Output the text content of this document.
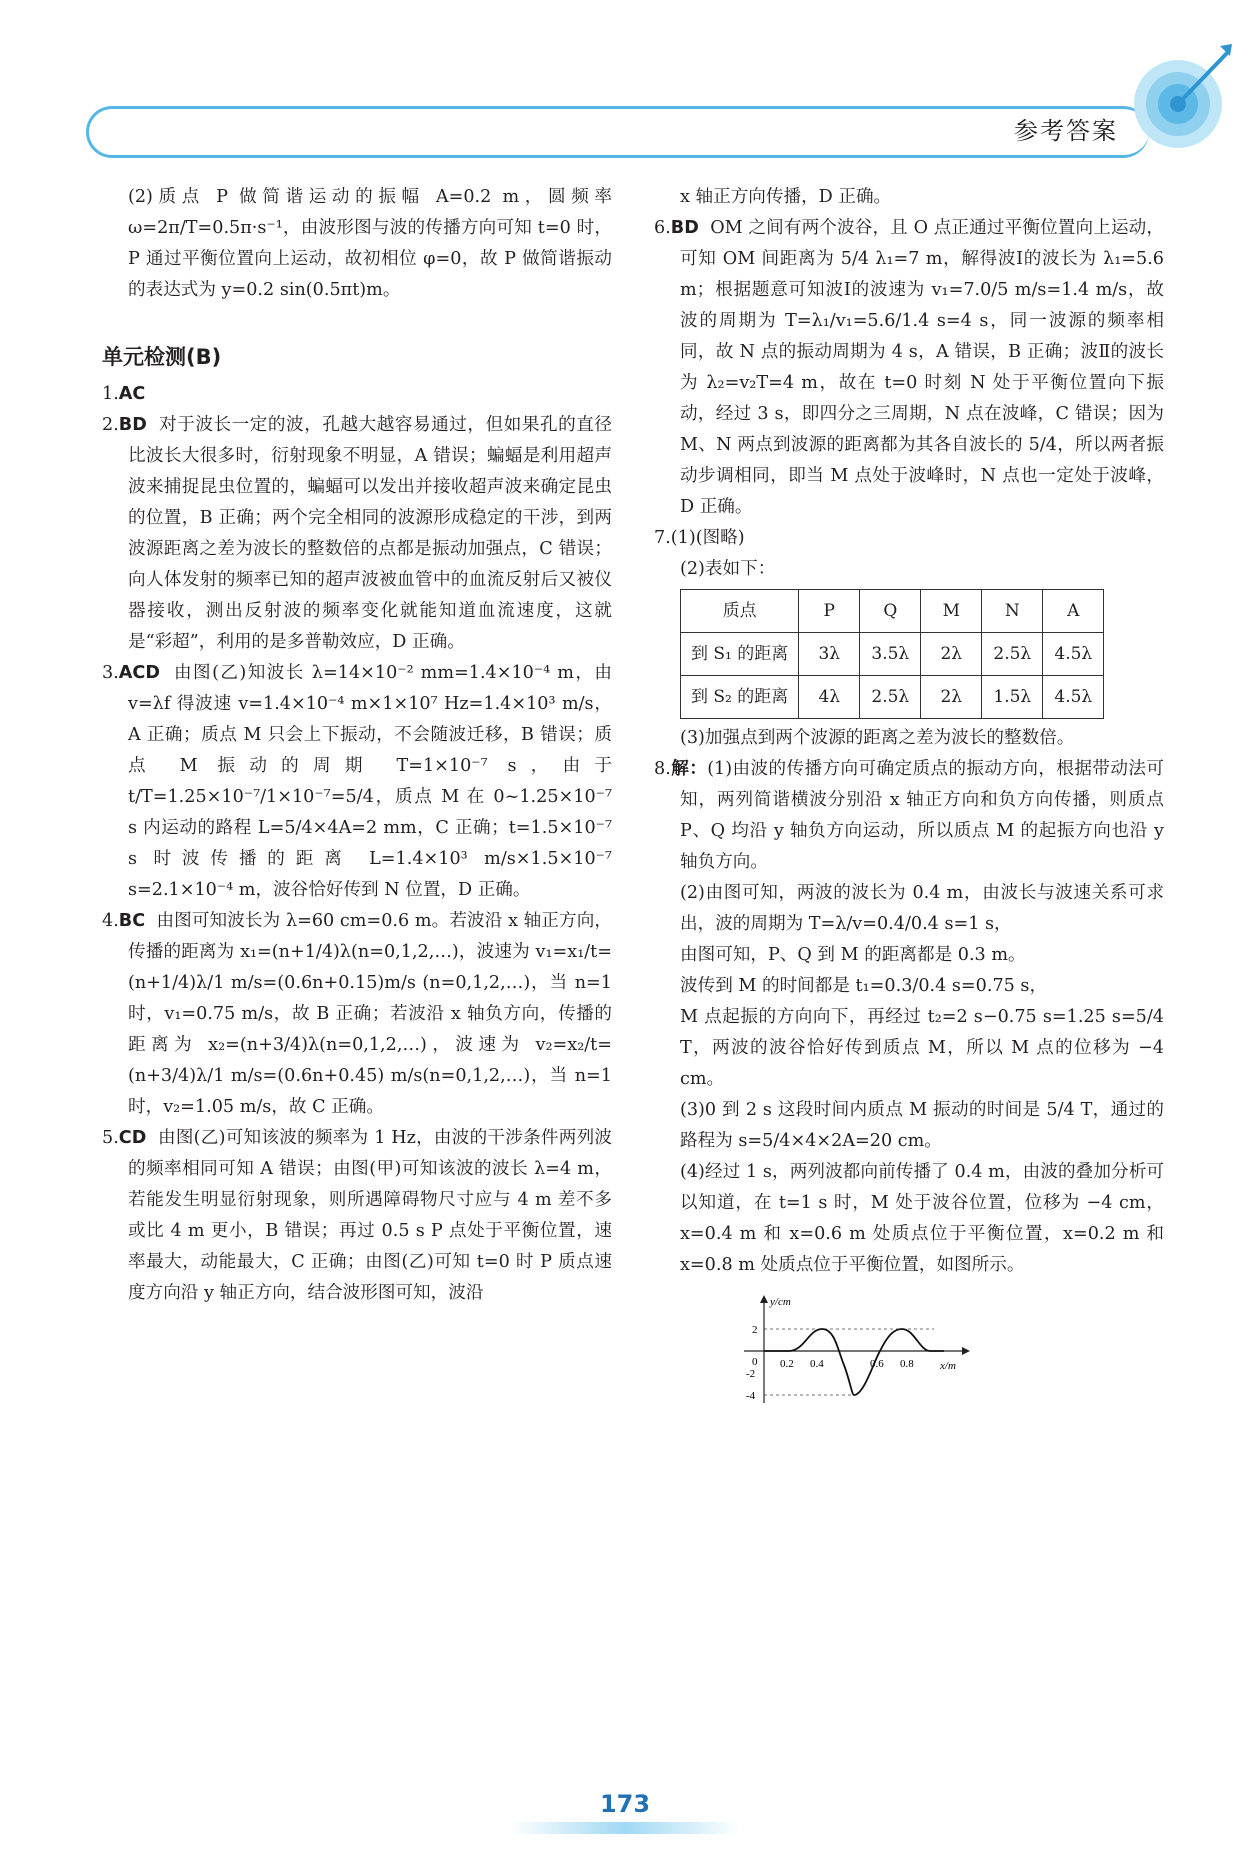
参考答案

(2)质点 P 做简谐运动的振幅 A=0.2 m，圆频率 ω=2π/T=0.5π·s⁻¹，由波形图与波的传播方向可知 t=0 时，P 通过平衡位置向上运动，故初相位 φ=0，故 P 做简谐振动的表达式为 y=0.2 sin(0.5πt)m。

单元检测(B)

1.AC

2.BD 对于波长一定的波，孔越大越容易通过，但如果孔的直径比波长大很多时，衍射现象不明显，A 错误；蝙蝠是利用超声波来捕捉昆虫位置的，蝙蝠可以发出并接收超声波来确定昆虫的位置，B 正确；两个完全相同的波源形成稳定的干涉，到两波源距离之差为波长的整数倍的点都是振动加强点，C 错误；向人体发射的频率已知的超声波被血管中的血流反射后又被仪器接收，测出反射波的频率变化就能知道血流速度，这就是“彩超”，利用的是多普勒效应，D 正确。

3.ACD 由图(乙)知波长 λ=14×10⁻² mm=1.4×10⁻⁴ m，由 v=λf 得波速 v=1.4×10⁻⁴ m×1×10⁷ Hz=1.4×10³ m/s，A 正确；质点 M 只会上下振动，不会随波迁移，B 错误；质点 M 振动的周期 T=1×10⁻⁷ s，由于 t/T=1.25×10⁻⁷/1×10⁻⁷=5/4，质点 M 在 0~1.25×10⁻⁷ s 内运动的路程 L=5/4×4A=2 mm，C 正确；t=1.5×10⁻⁷ s 时波传播的距离 L=1.4×10³ m/s×1.5×10⁻⁷ s=2.1×10⁻⁴ m，波谷恰好传到 N 位置，D 正确。

4.BC 由图可知波长为 λ=60 cm=0.6 m。若波沿 x 轴正方向，传播的距离为 x₁=(n+1/4)λ(n=0,1,2,…)，波速为 v₁=x₁/t=(n+1/4)λ/1 m/s=(0.6n+0.15)m/s (n=0,1,2,…)，当 n=1 时，v₁=0.75 m/s，故 B 正确；若波沿 x 轴负方向，传播的距离为 x₂=(n+3/4)λ(n=0,1,2,…)，波速为 v₂=x₂/t=(n+3/4)λ/1 m/s=(0.6n+0.45) m/s(n=0,1,2,…)，当 n=1 时，v₂=1.05 m/s，故 C 正确。

5.CD 由图(乙)可知该波的频率为 1 Hz，由波的干涉条件两列波的频率相同可知 A 错误；由图(甲)可知该波的波长 λ=4 m，若能发生明显衍射现象，则所遇障碍物尺寸应与 4 m 差不多或比 4 m 更小，B 错误；再过 0.5 s P 点处于平衡位置，速率最大，动能最大，C 正确；由图(乙)可知 t=0 时 P 质点速度方向沿 y 轴正方向，结合波形图可知，波沿

x 轴正方向传播，D 正确。

6.BD OM 之间有两个波谷，且 O 点正通过平衡位置向上运动，可知 OM 间距离为 5/4 λ₁=7 m，解得波Ⅰ的波长为 λ₁=5.6 m；根据题意可知波Ⅰ的波速为 v₁=7.0/5 m/s=1.4 m/s，故波的周期为 T=λ₁/v₁=5.6/1.4 s=4 s，同一波源的频率相同，故 N 点的振动周期为 4 s，A 错误，B 正确；波Ⅱ的波长为 λ₂=v₂T=4 m，故在 t=0 时刻 N 处于平衡位置向下振动，经过 3 s，即四分之三周期，N 点在波峰，C 错误；因为 M、N 两点到波源的距离都为其各自波长的 5/4，所以两者振动步调相同，即当 M 点处于波峰时，N 点也一定处于波峰，D 正确。

7.(1)(图略)

(2)表如下：

质点	P	Q	M	N	A
到 S₁ 的距离	3λ	3.5λ	2λ	2.5λ	4.5λ
到 S₂ 的距离	4λ	2.5λ	2λ	1.5λ	4.5λ

(3)加强点到两个波源的距离之差为波长的整数倍。

8.解：(1)由波的传播方向可确定质点的振动方向，根据带动法可知，两列简谐横波分别沿 x 轴正方向和负方向传播，则质点 P、Q 均沿 y 轴负方向运动，所以质点 M 的起振方向也沿 y 轴负方向。

(2)由图可知，两波的波长为 0.4 m，由波长与波速关系可求出，波的周期为 T=λ/v=0.4/0.4 s=1 s，

由图可知，P、Q 到 M 的距离都是 0.3 m。

波传到 M 的时间都是 t₁=0.3/0.4 s=0.75 s，

M 点起振的方向向下，再经过 t₂=2 s−0.75 s=1.25 s=5/4 T，两波的波谷恰好传到质点 M，所以 M 点的位移为 −4 cm。

(3)0 到 2 s 这段时间内质点 M 振动的时间是 5/4 T，通过的路程为 s=5/4×4×2A=20 cm。

(4)经过 1 s，两列波都向前传播了 0.4 m，由波的叠加分析可以知道，在 t=1 s 时，M 处于波谷位置，位移为 −4 cm，x=0.4 m 和 x=0.6 m 处质点位于平衡位置，x=0.2 m 和 x=0.8 m 处质点位于平衡位置，如图所示。

y/cm
x/m
0
2
-2
-4
0.2 0.4	0.6 0.8
173
